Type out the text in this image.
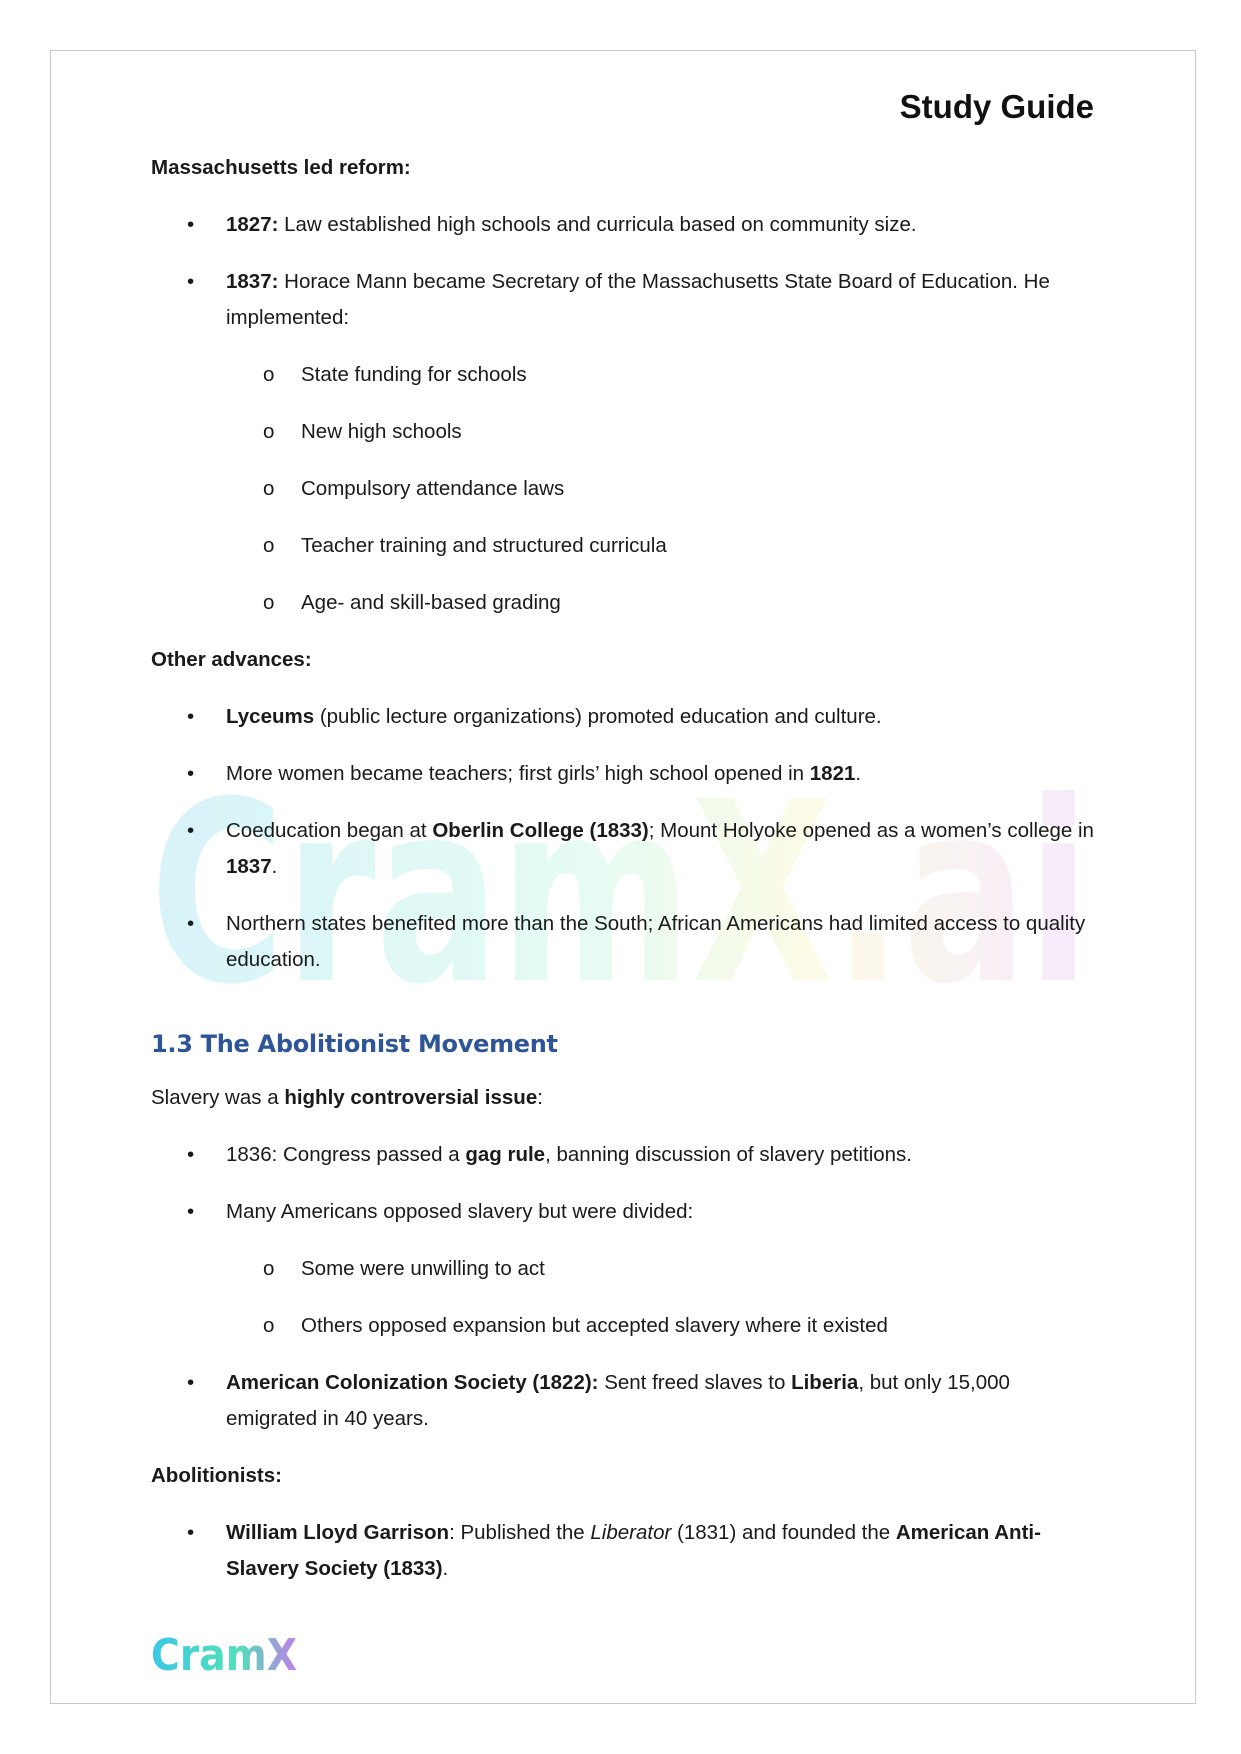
Study Guide
CramX.ai

Massachusetts led reform:

• 1827: Law established high schools and curricula based on community size.
• 1837: Horace Mann became Secretary of the Massachusetts State Board of Education. He implemented:
o State funding for schools
o New high schools
o Compulsory attendance laws
o Teacher training and structured curricula
o Age- and skill-based grading

Other advances:

• Lyceums (public lecture organizations) promoted education and culture.
• More women became teachers; first girls’ high school opened in 1821.
• Coeducation began at Oberlin College (1833); Mount Holyoke opened as a women’s college in 1837.
• Northern states benefited more than the South; African Americans had limited access to quality education.
1.3 The Abolitionist Movement

Slavery was a highly controversial issue:

• 1836: Congress passed a gag rule, banning discussion of slavery petitions.
• Many Americans opposed slavery but were divided:
o Some were unwilling to act
o Others opposed expansion but accepted slavery where it existed
• American Colonization Society (1822): Sent freed slaves to Liberia, but only 15,000 emigrated in 40 years.

Abolitionists:

• William Lloyd Garrison: Published the Liberator (1831) and founded the American Anti-Slavery Society (1833).
CramX
